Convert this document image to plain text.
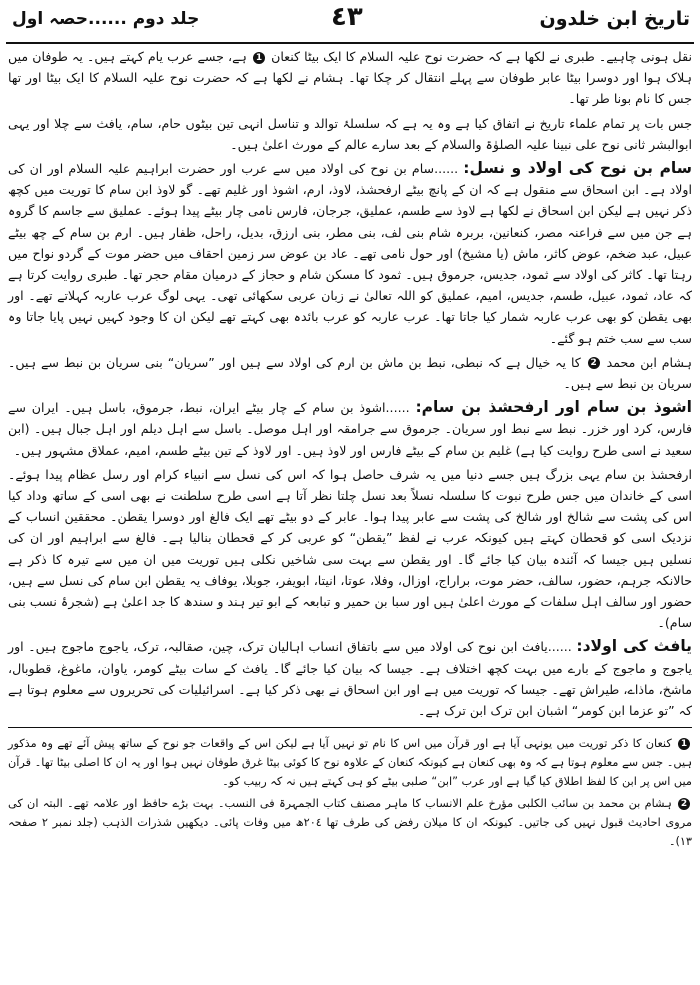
تاریخ ابن خلدون
٤٣
جلد دوم ......حصہ اول

نقل ہونی چاہیے۔ طبری نے لکھا ہے کہ حضرت نوح علیہ السلام کا ایک بیٹا کنعان 1 ہے، جسے عرب یام کہتے ہیں۔ یہ طوفان میں ہلاک ہوا اور دوسرا بیٹا عابر طوفان سے پہلے انتقال کر چکا تھا۔ ہشام نے لکھا ہے کہ حضرت نوح علیہ السلام کا ایک بیٹا اور تھا جس کا نام بونا طر تھا۔

جس بات پر تمام علماء تاریخ نے اتفاق کیا ہے وہ یہ ہے کہ سلسلۂ توالد و تناسل انہی تین بیٹوں حام، سام، یافث سے چلا اور یہی ابوالبشر ثانی نوح علی نبینا علیہ الصلوٰۃ والسلام کے بعد سارے عالم کے مورث اعلیٰ ہیں۔

سام بن نوح کی اولاد و نسل: ......سام بن نوح کی اولاد میں سے عرب اور حضرت ابراہیم علیہ السلام اور ان کی اولاد ہے۔ ابن اسحاق سے منقول ہے کہ ان کے پانچ بیٹے ارفحشذ، لاوذ، ارم، اشوذ اور غلیم تھے۔ گو لاوذ ابن سام کا توریت میں کچھ ذکر نہیں ہے لیکن ابن اسحاق نے لکھا ہے لاوذ سے طسم، عملیق، جرجان، فارس نامی چار بیٹے پیدا ہوئے۔ عملیق سے جاسم کا گروہ ہے جن میں سے فراعنہ مصر، کنعانین، بربرہ شام بنی لف، بنی مطر، بنی ارزق، بدیل، راحل، ظفار ہیں۔ ارم بن سام کے چھ بیٹے عبیل، عبد ضخم، عوض کاثر، ماش (یا مشیخ) اور حول نامی تھے۔ عاد بن عوض سر زمین احقاف میں حضر موت کے گردو نواح میں رہتا تھا۔ کاثر کی اولاد سے ثمود، جدیس، جرموق ہیں۔ ثمود کا مسکن شام و حجاز کے درمیان مقام حجر تھا۔ طبری روایت کرتا ہے کہ عاد، ثمود، عبیل، طسم، جدیس، امیم، عملیق کو اللہ تعالیٰ نے زبان عربی سکھائی تھی۔ یہی لوگ عرب عاربہ کہلاتے تھے۔ اور بھی یقطن کو بھی عرب عاربہ شمار کیا جاتا تھا۔ عرب عاربہ کو عرب بائدہ بھی کہتے تھے لیکن ان کا وجود کہیں نہیں پایا جاتا وہ سب سے سب ختم ہو گئے۔

ہشام ابن محمد 2 کا یہ خیال ہے کہ نبطی، نبط بن ماش بن ارم کی اولاد سے ہیں اور ”سریان“ بنی سریان بن نبط سے ہیں۔ سریان بن نبط سے ہیں۔

اشوذ بن سام اور ارفحشذ بن سام: ......اشوذ بن سام کے چار بیٹے ایران، نبط، جرموق، باسل ہیں۔ ایران سے فارس، کرد اور خزر۔ نبط سے نبط اور سریان۔ جرموق سے جرامقہ اور اہل موصل۔ باسل سے اہل دیلم اور اہل جبال ہیں۔ (ابن سعید نے اسی طرح روایت کیا ہے) غلیم بن سام کے بیٹے فارس اور لاوذ ہیں۔ اور لاوذ کے تین بیٹے طسم، امیم، عملاق مشہور ہیں۔

ارفحشذ بن سام یہی بزرگ ہیں جسے دنیا میں یہ شرف حاصل ہوا کہ اس کی نسل سے انبیاء کرام اور رسل عظام پیدا ہوئے۔ اسی کے خاندان میں جس طرح نبوت کا سلسلہ نسلاً بعد نسل چلتا نظر آتا ہے اسی طرح سلطنت نے بھی اسی کے ساتھ وداد کیا اس کی پشت سے شالخ اور شالخ کی پشت سے عابر پیدا ہوا۔ عابر کے دو بیٹے تھے ایک فالغ اور دوسرا یقطن۔ محققین انساب کے نزدیک اسی کو قحطان کہتے ہیں کیونکہ عرب نے لفظ ”یقطن“ کو عربی کر کے قحطان بنالیا ہے۔ فالغ سے ابراہیم اور ان کی نسلیں ہیں جیسا کہ آئندہ بیان کیا جائے گا۔ اور یقطن سے بہت سی شاخیں نکلی ہیں توریت میں ان میں سے تیرہ کا ذکر ہے حالانکہ جرہم، حضور، سالف، حضر موت، براراج، اوزال، وفلا، عوتا، انیتا، ابویفر، جوبلا، یوفاف یہ یقطن ابن سام کی نسل سے ہیں، حضور اور سالف اہل سلفات کے مورث اعلیٰ ہیں اور سبا بن حمیر و تبابعہ کے ابو تیر ہند و سندھ کا جد اعلیٰ ہے (شجرۂ نسب بنی سام)۔

یافث کی اولاد: ......یافث ابن نوح کی اولاد میں سے باتفاق انساب اہالیان ترک، چین، صقالبہ، ترک، یاجوج ماجوج ہیں۔ اور یاجوج و ماجوج کے بارے میں بہت کچھ اختلاف ہے۔ جیسا کہ بیان کیا جائے گا۔ یافث کے سات بیٹے کومر، یاوان، ماغوغ، قطوبال، ماشخ، ماذاے، طیراش تھے۔ جیسا کہ توریت میں ہے اور ابن اسحاق نے بھی ذکر کیا ہے۔ اسرائیلیات کی تحریروں سے معلوم ہوتا ہے کہ ”تو عزما ابن کومر“ اشبان ابن ترک ابن ترک ہے۔

1 کنعان کا ذکر توریت میں یونہی آیا ہے اور قرآن میں اس کا نام تو نہیں آیا ہے لیکن اس کے واقعات جو نوح کے ساتھ پیش آئے تھے وہ مذکور ہیں۔ جس سے معلوم ہوتا ہے کہ وہ بھی کنعان ہے کیونکہ کنعان کے علاوہ نوح کا کوئی بیٹا غرق طوفان نہیں ہوا اور یہ ان کا اصلی بیٹا تھا۔ قرآن میں اس پر ابن کا لفظ اطلاق کیا گیا ہے اور عرب ”ابن“ صلبی بیٹے کو ہی کہتے ہیں نہ کہ ربیب کو۔

2 ہشام بن محمد بن سائب الکلبی مؤرخ علم الانساب کا ماہر مصنف کتاب الجمہرۃ فی النسب۔ بہت بڑے حافظ اور علامہ تھے۔ البتہ ان کی مروی احادیث قبول نہیں کی جاتیں۔ کیونکہ ان کا میلان رفض کی طرف تھا ٢٠٤ھ میں وفات پائی۔ دیکھیں شذرات الذہب (جلد نمبر ٢ صفحہ ١٣)۔
